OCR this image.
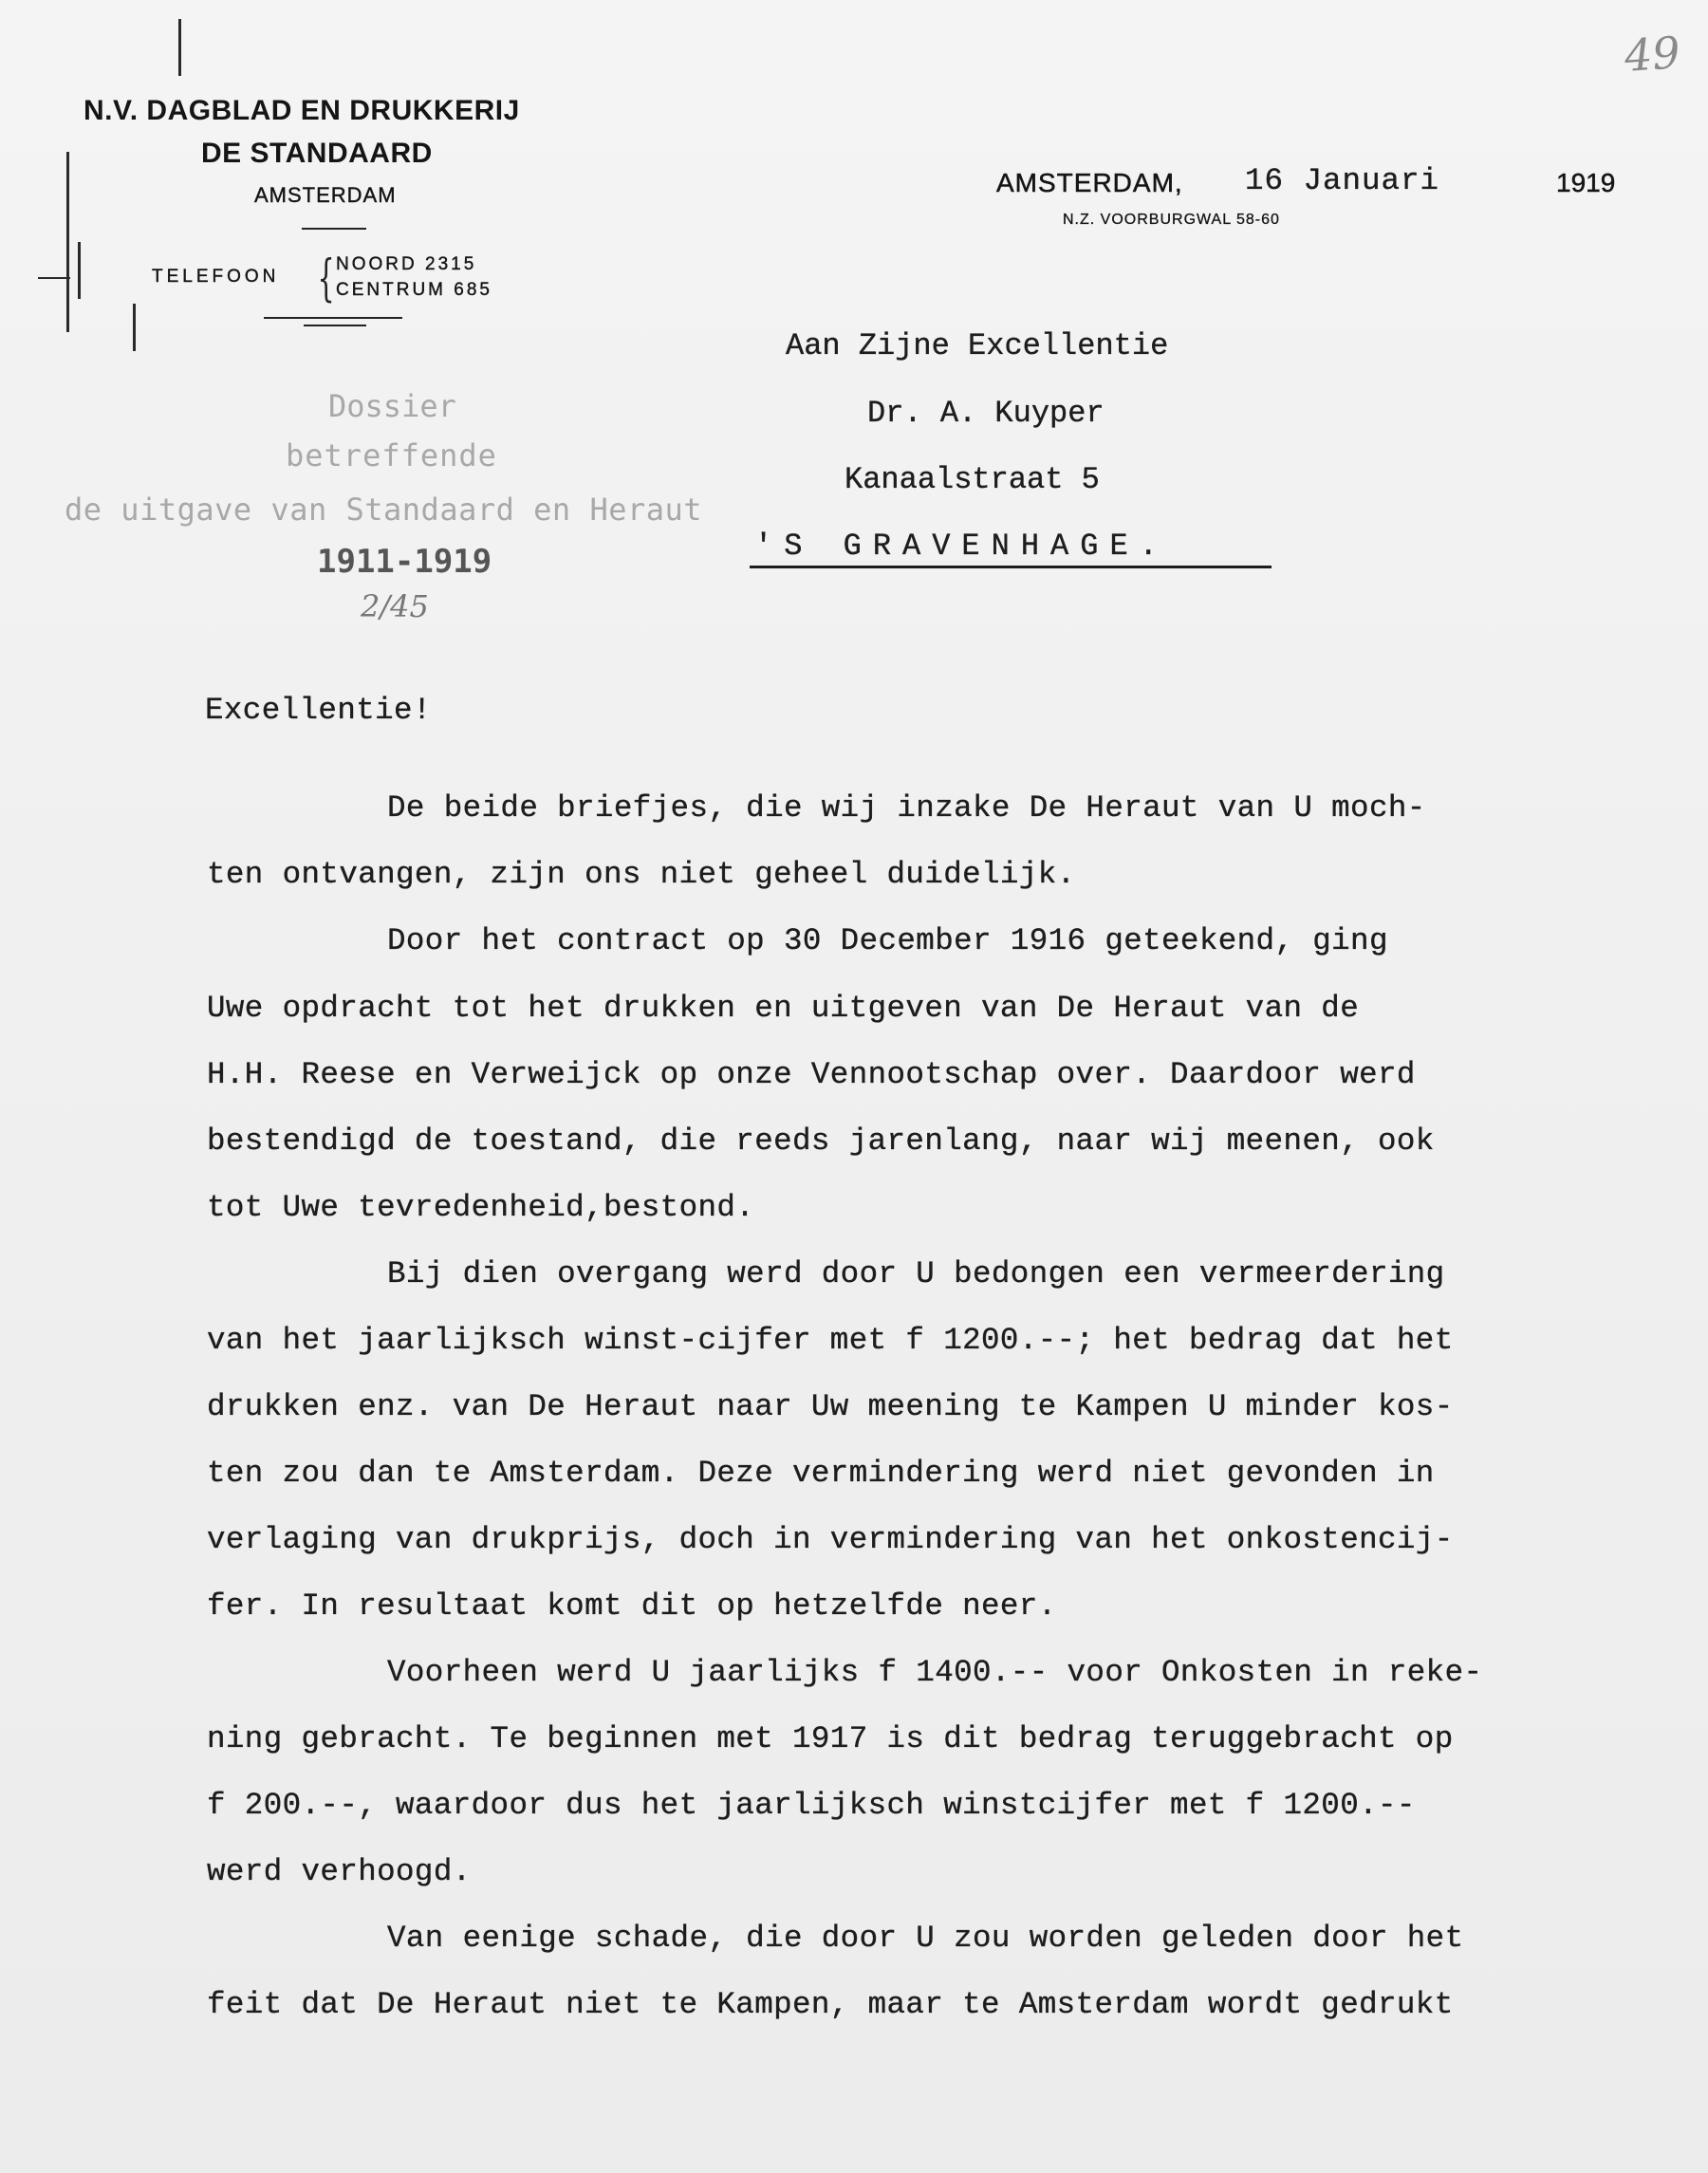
49
N.V. DAGBLAD EN DRUKKERIJ
DE STANDAARD
AMSTERDAM
TELEFOON { NOORD 2315
CENTRUM 685
AMSTERDAM, 16 Januari	1919
N.Z. VOORBURGWAL 58-60
Dossier
betreffende
de uitgave van Standaard en Heraut
1911-1919
2/45
Aan Zijne Excellentie
Dr. A. Kuyper
Kanaalstraat 5
'S GRAVENHAGE.
Excellentie!
De beide briefjes, die wij inzake De Heraut van U moch-
ten ontvangen, zijn ons niet geheel duidelijk.
Door het contract op 30 December 1916 geteekend, ging
Uwe opdracht tot het drukken en uitgeven van De Heraut van de
H.H. Reese en Verweijck op onze Vennootschap over. Daardoor werd
bestendigd de toestand, die reeds jarenlang, naar wij meenen, ook
tot Uwe tevredenheid,bestond.
Bij dien overgang werd door U bedongen een vermeerdering
van het jaarlijksch winst-cijfer met f 1200.--; het bedrag dat het
drukken enz. van De Heraut naar Uw meening te Kampen U minder kos-
ten zou dan te Amsterdam. Deze vermindering werd niet gevonden in
verlaging van drukprijs, doch in vermindering van het onkostencij-
fer. In resultaat komt dit op hetzelfde neer.
Voorheen werd U jaarlijks f 1400.-- voor Onkosten in reke-
ning gebracht. Te beginnen met 1917 is dit bedrag teruggebracht op
f 200.--, waardoor dus het jaarlijksch winstcijfer met f 1200.--
werd verhoogd.
Van eenige schade, die door U zou worden geleden door het
feit dat De Heraut niet te Kampen, maar te Amsterdam wordt gedrukt
